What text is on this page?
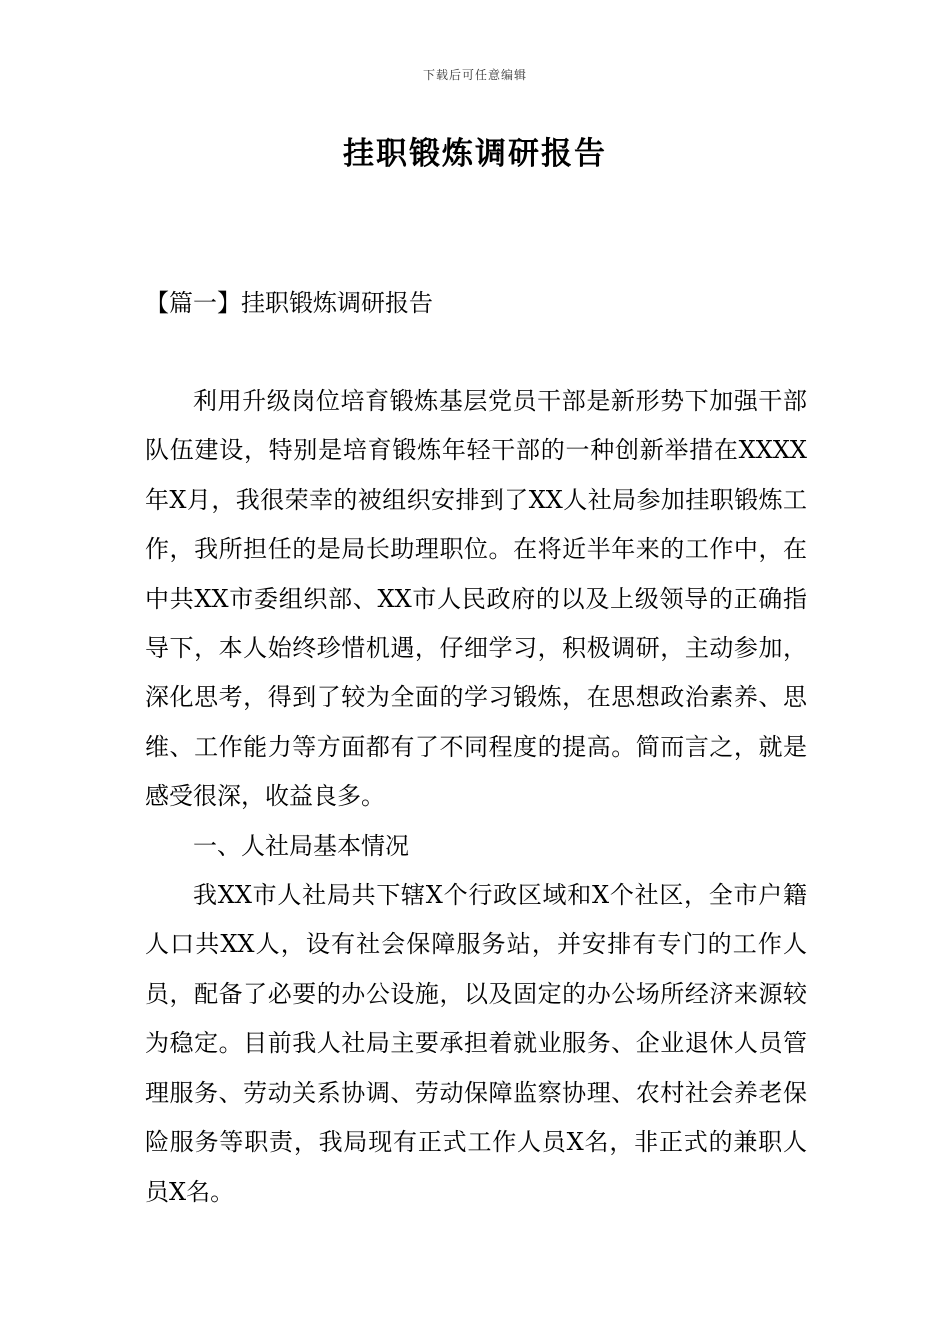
下载后可任意编辑
挂职锻炼调研报告
【篇一】挂职锻炼调研报告

利用升级岗位培育锻炼基层党员干部是新形势下加强干部队伍建设，特别是培育锻炼年轻干部的一种创新举措在XXXX年X月，我很荣幸的被组织安排到了XX人社局参加挂职锻炼工作，我所担任的是局长助理职位。在将近半年来的工作中，在中共XX市委组织部、XX市人民政府的以及上级领导的正确指导下，本人始终珍惜机遇，仔细学习，积极调研，主动参加，深化思考，得到了较为全面的学习锻炼，在思想政治素养、思维、工作能力等方面都有了不同程度的提高。简而言之，就是感受很深，收益良多。

一、人社局基本情况

我XX市人社局共下辖X个行政区域和X个社区，全市户籍人口共XX人，设有社会保障服务站，并安排有专门的工作人员，配备了必要的办公设施，以及固定的办公场所经济来源较为稳定。目前我人社局主要承担着就业服务、企业退休人员管理服务、劳动关系协调、劳动保障监察协理、农村社会养老保险服务等职责，我局现有正式工作人员X名，非正式的兼职人员X名。
